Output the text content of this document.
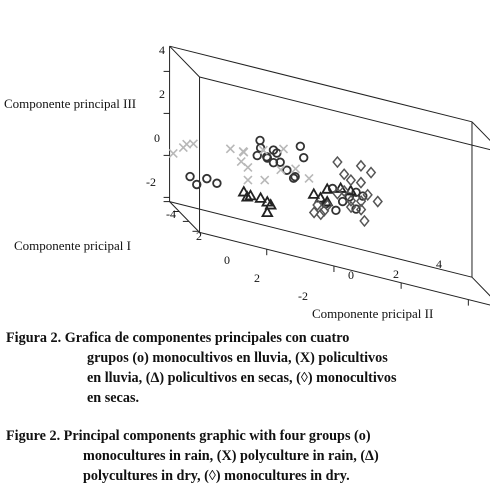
Componente principal III
Componente pricipal I
Componente pricipal II
4
2
0
-2
-4
2
0
2
-2
0	2
4
Figura 2. Grafica de componentes principales con cuatro
grupos (o) monocultivos en lluvia, (X) policultivos
en lluvia, (Δ) policultivos en secas, (◊) monocultivos
en secas.
Figure 2. Principal components graphic with four groups (o)
monocultures in rain, (X) polyculture in rain, (Δ)
polycultures in dry, (◊) monocultures in dry.
